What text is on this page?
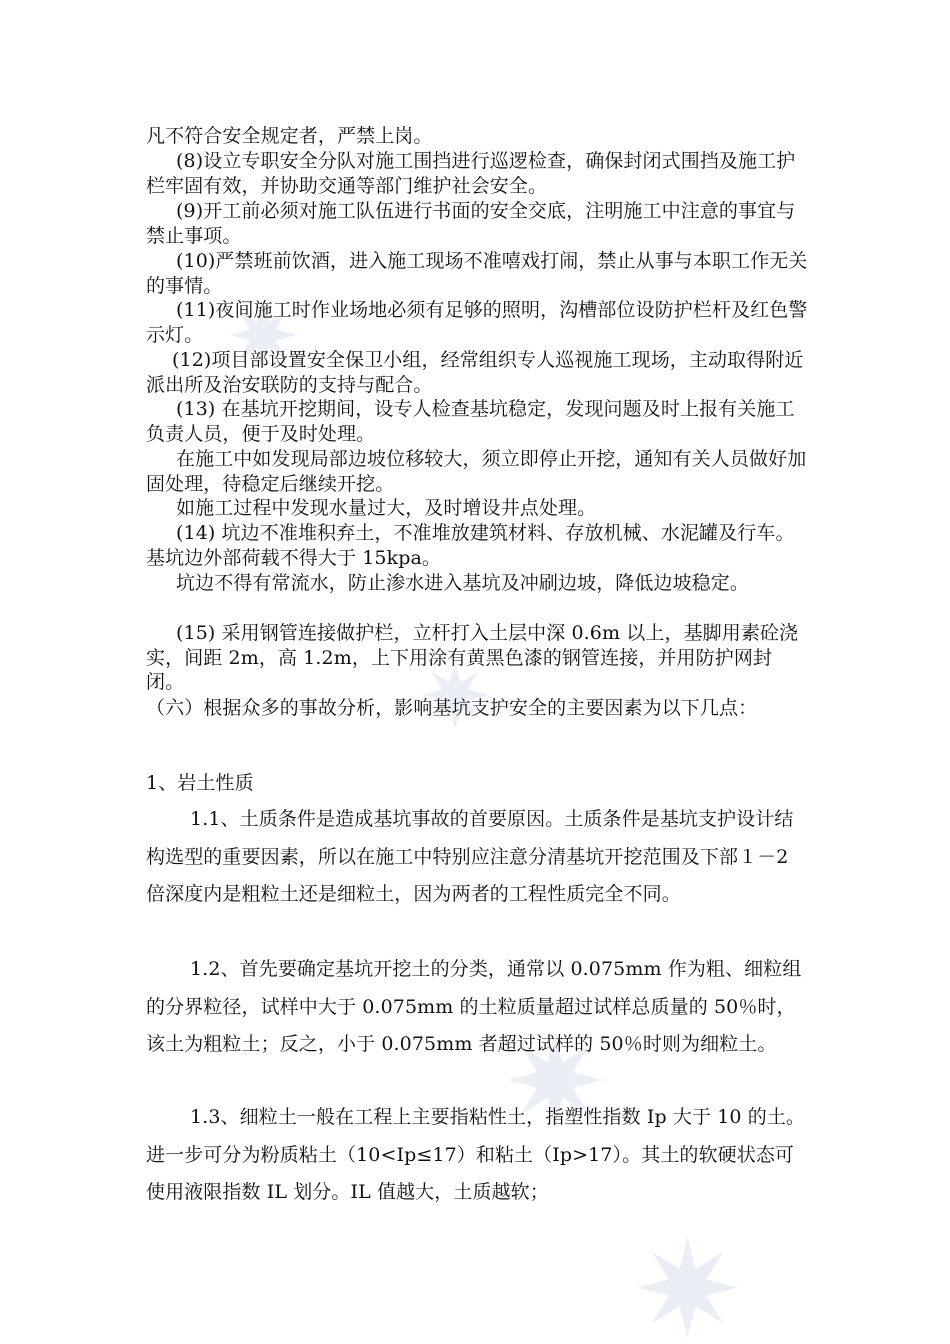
凡不符合安全规定者，严禁上岗。

(8)设立专职安全分队对施工围挡进行巡逻检查，确保封闭式围挡及施工护栏牢固有效，并协助交通等部门维护社会安全。

(9)开工前必须对施工队伍进行书面的安全交底，注明施工中注意的事宜与禁止事项。

(10)严禁班前饮酒，进入施工现场不准嘻戏打闹，禁止从事与本职工作无关的事情。

(11)夜间施工时作业场地必须有足够的照明，沟槽部位设防护栏杆及红色警示灯。

(12)项目部设置安全保卫小组，经常组织专人巡视施工现场，主动取得附近派出所及治安联防的支持与配合。

(13) 在基坑开挖期间，设专人检查基坑稳定，发现问题及时上报有关施工负责人员，便于及时处理。

在施工中如发现局部边坡位移较大，须立即停止开挖，通知有关人员做好加固处理，待稳定后继续开挖。

如施工过程中发现水量过大，及时增设井点处理。

(14) 坑边不准堆积弃土，不准堆放建筑材料、存放机械、水泥罐及行车。基坑边外部荷载不得大于 15kpa。

坑边不得有常流水，防止渗水进入基坑及冲刷边坡，降低边坡稳定。

(15) 采用钢管连接做护栏，立杆打入土层中深 0.6m 以上，基脚用素砼浇实，间距 2m，高 1.2m，上下用涂有黄黑色漆的钢管连接，并用防护网封闭。

（六）根据众多的事故分析，影响基坑支护安全的主要因素为以下几点：

1、岩土性质

1.1、土质条件是造成基坑事故的首要原因。土质条件是基坑支护设计结构选型的重要因素，所以在施工中特别应注意分清基坑开挖范围及下部１－2 倍深度内是粗粒土还是细粒土，因为两者的工程性质完全不同。

1.2、首先要确定基坑开挖土的分类，通常以 0.075mm 作为粗、细粒组的分界粒径，试样中大于 0.075mm 的土粒质量超过试样总质量的 50％时，该土为粗粒土；反之，小于 0.075mm 者超过试样的 50％时则为细粒土。

1.3、细粒土一般在工程上主要指粘性土，指塑性指数 Ip 大于 10 的土。进一步可分为粉质粘土（10<Ip≤17）和粘土（Ip>17）。其土的软硬状态可使用液限指数 IL 划分。IL 值越大，土质越软；
